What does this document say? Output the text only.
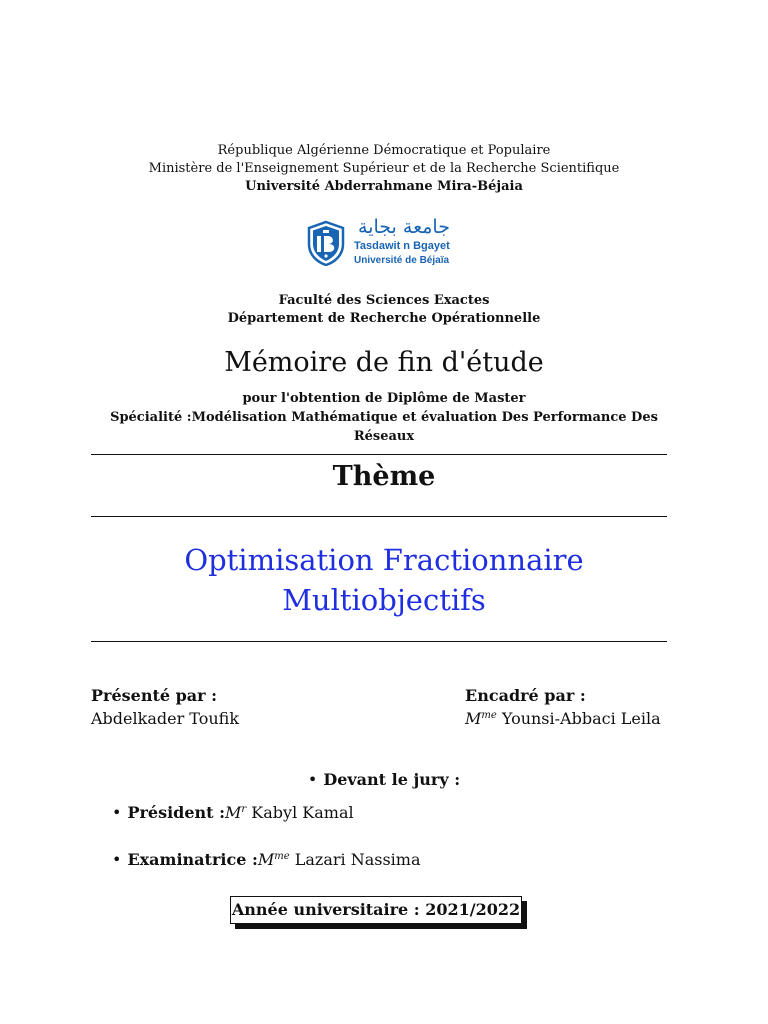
République Algérienne Démocratique et Populaire
Ministère de l'Enseignement Supérieur et de la Recherche Scientifique
Université Abderrahmane Mira-Béjaia
جامعة بجاية
Tasdawit n Bgayet
Université de Béjaïa
Faculté des Sciences Exactes
Département de Recherche Opérationnelle
Mémoire de fin d'étude
pour l'obtention de Diplôme de Master
Spécialité :Modélisation Mathématique et évaluation Des Performance Des
Réseaux
Thème
Optimisation Fractionnaire
Multiobjectifs
Présenté par :
Abdelkader Toufik
Encadré par :
$M^{me}$ Younsi-Abbaci Leila
• Devant le jury :
• Président $:M^r$ Kabyl Kamal
• Examinatrice $:M^{me}$ Lazari Nassima
Année universitaire : 2021/2022
